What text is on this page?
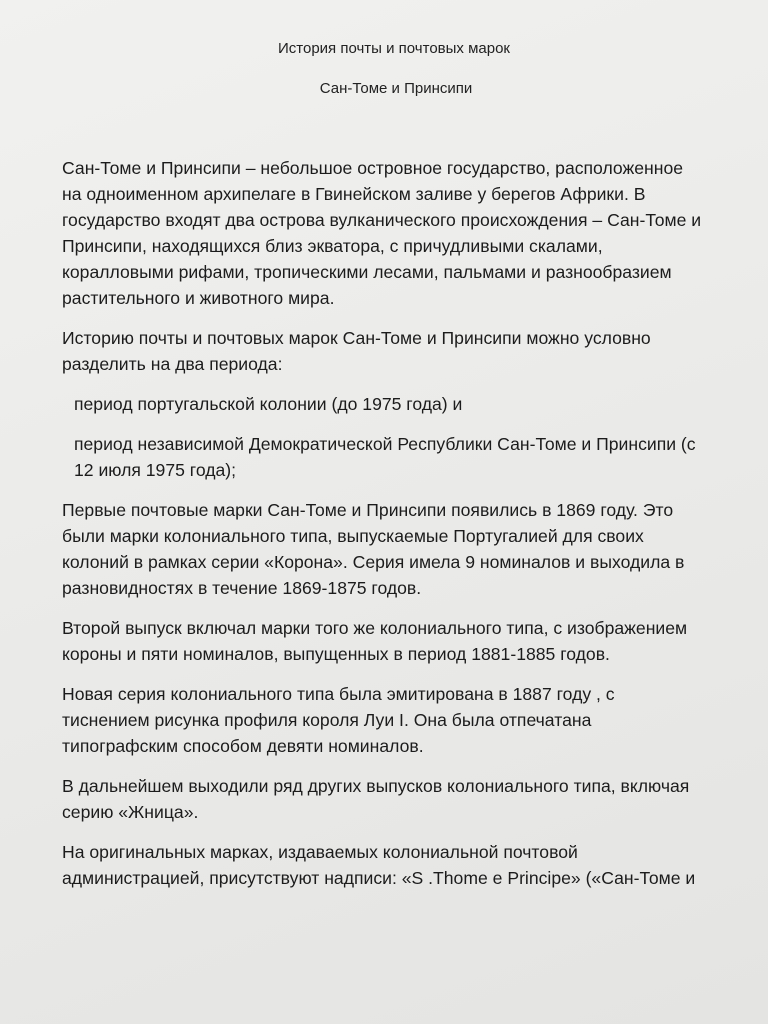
История почты и почтовых марок
Сан-Томе и Принсипи

Сан-Томе и Принсипи – небольшое островное государство, расположенное
на одноименном архипелаге в Гвинейском заливе у берегов Африки. В
государство входят два острова вулканического происхождения – Сан-Томе и
Принсипи, находящихся близ экватора, с причудливыми скалами,
коралловыми рифами, тропическими лесами, пальмами и разнообразием
растительного и животного мира.

Историю почты и почтовых марок Сан-Томе и Принсипи можно условно
разделить на два периода:

период португальской колонии (до 1975 года) и

период независимой Демократической Республики Сан-Томе и Принсипи (с
12 июля 1975 года);

Первые почтовые марки Сан-Томе и Принсипи появились в 1869 году. Это
были марки колониального типа, выпускаемые Португалией для своих
колоний в рамках серии «Корона». Серия имела 9 номиналов и выходила в
разновидностях в течение 1869-1875 годов.

Второй выпуск включал марки того же колониального типа, с изображением
короны и пяти номиналов, выпущенных в период 1881-1885 годов.

Новая серия колониального типа была эмитирована в 1887 году , с
тиснением рисунка профиля короля Луи I. Она была отпечатана
типографским способом девяти номиналов.

В дальнейшем выходили ряд других выпусков колониального типа, включая
серию «Жница».

На оригинальных марках, издаваемых колониальной почтовой
администрацией, присутствуют надписи: «S .Thome e Principe» («Сан-Томе и
